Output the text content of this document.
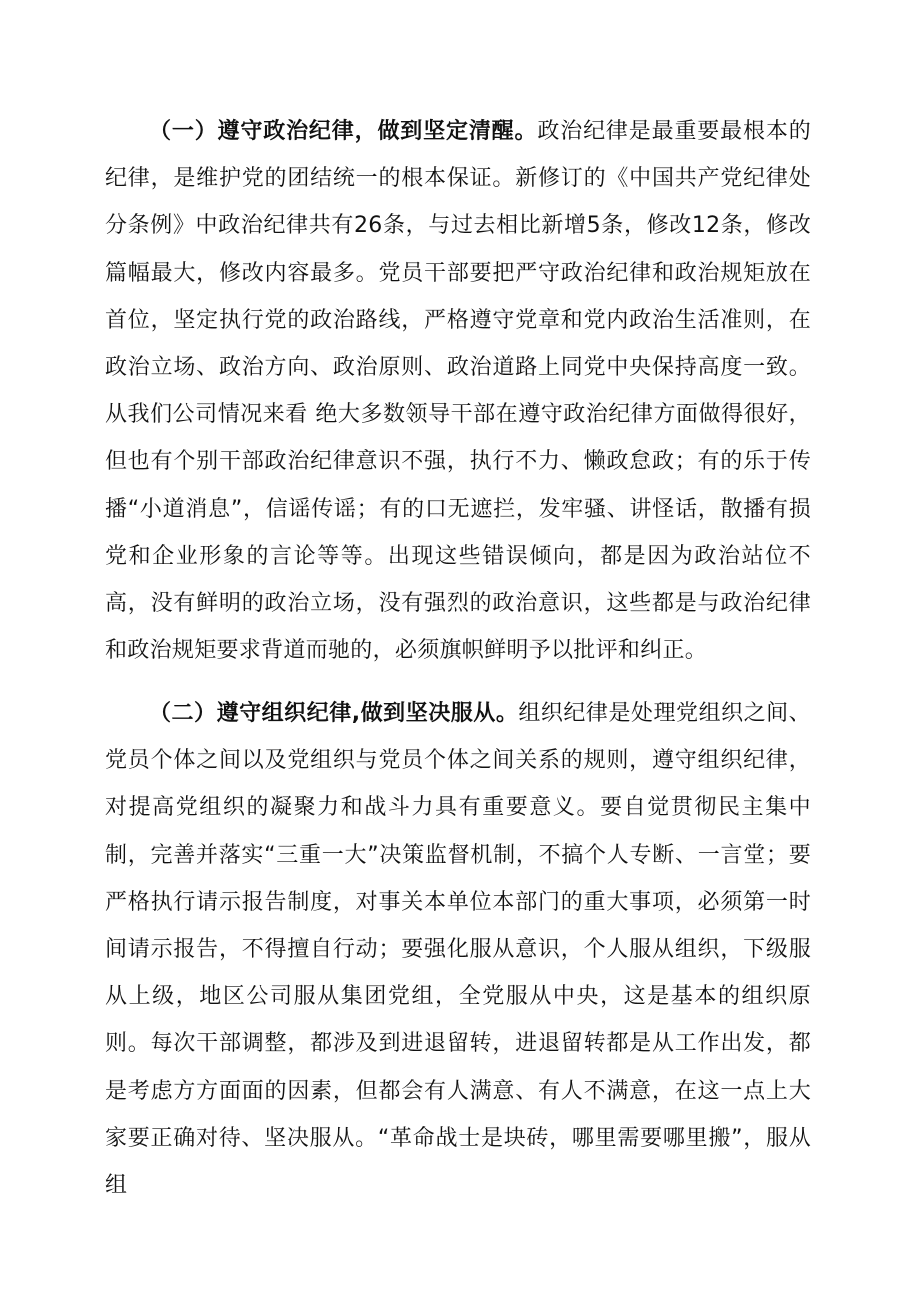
（一）遵守政治纪律，做到坚定清醒。政治纪律是最重要最根本的纪律，是维护党的团结统一的根本保证。新修订的《中国共产党纪律处分条例》中政治纪律共有26条，与过去相比新增5条，修改12条，修改篇幅最大，修改内容最多。党员干部要把严守政治纪律和政治规矩放在首位，坚定执行党的政治路线，严格遵守党章和党内政治生活准则，在政治立场、政治方向、政治原则、政治道路上同党中央保持高度一致。从我们公司情况来看 绝大多数领导干部在遵守政治纪律方面做得很好，但也有个别干部政治纪律意识不强，执行不力、懒政怠政；有的乐于传播“小道消息”，信谣传谣；有的口无遮拦，发牢骚、讲怪话，散播有损党和企业形象的言论等等。出现这些错误倾向，都是因为政治站位不高，没有鲜明的政治立场，没有强烈的政治意识，这些都是与政治纪律和政治规矩要求背道而驰的，必须旗帜鲜明予以批评和纠正。

（二）遵守组织纪律,做到坚决服从。组织纪律是处理党组织之间、党员个体之间以及党组织与党员个体之间关系的规则，遵守组织纪律，对提高党组织的凝聚力和战斗力具有重要意义。要自觉贯彻民主集中制，完善并落实“三重一大”决策监督机制，不搞个人专断、一言堂；要严格执行请示报告制度，对事关本单位本部门的重大事项，必须第一时间请示报告，不得擅自行动；要强化服从意识，个人服从组织，下级服从上级，地区公司服从集团党组，全党服从中央，这是基本的组织原则。每次干部调整，都涉及到进退留转，进退留转都是从工作出发，都是考虑方方面面的因素，但都会有人满意、有人不满意，在这一点上大家要正确对待、坚决服从。“革命战士是块砖，哪里需要哪里搬”，服从组
